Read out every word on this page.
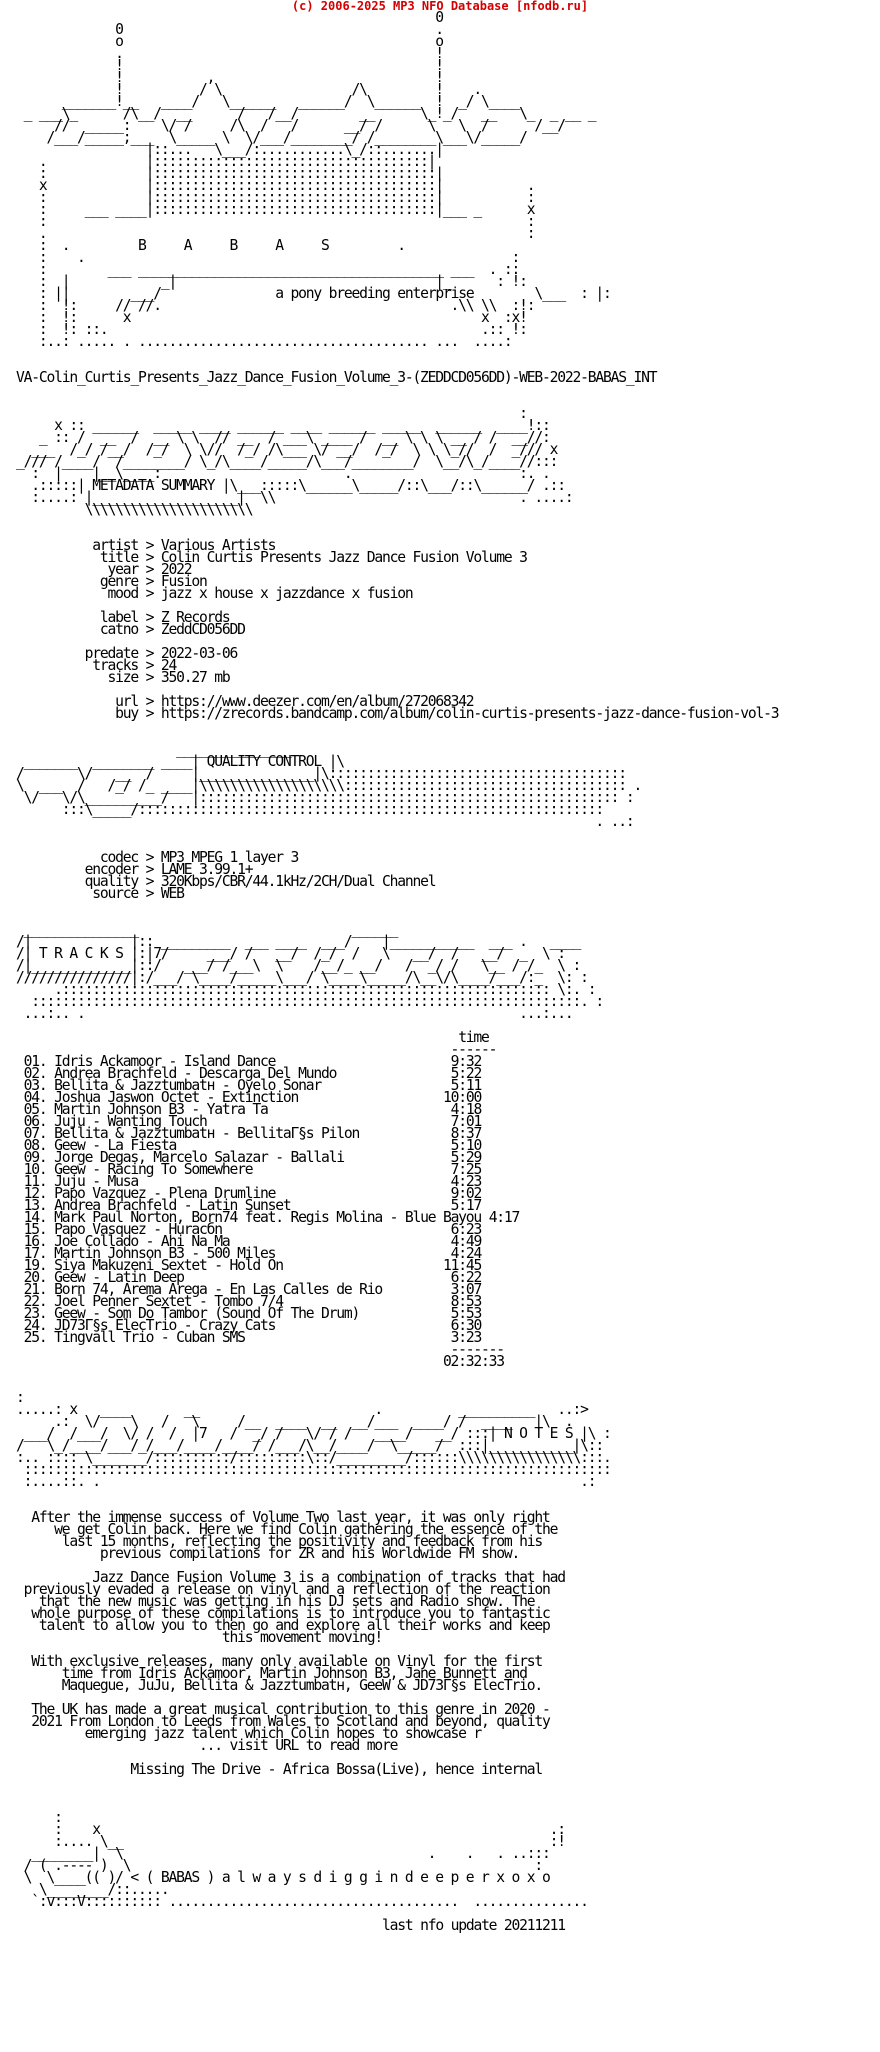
(c) 2006-2025 MP3 NFO Database [nfodb.ru]
0
0                                         .
o                                         o
.                                         !
!                                         !
!           ,                             !
!          / \                 /\         !    .
_______!__   ____/   \______   ______/  \______  !  _/ \____
_ ___\_      /\__/  __      /   /__/        __      \_!_/   __   \_  _ __ _
//  _____:    \/ /     /\  /   /      __/ /      \   \  /      /__/
/___/_____;___  \_____ \  \/___/________/ /________\___\/_____/
|::...   \___/:...........\_/::.......|
.             |::::::::::::::::::::::::::::::::::::|
:             |:::::::::::::::::::::::::::::::::::::|
x             |:::::::::::::::::::::::::::::::::::::|           .
:             |:::::::::::::::::::::::::::::::::::::|           :
:     ___ ____|:::::::::::::::::::::::::::::::::::::|___ _      x
:                                                               :
.                                                               :
:  .	B     A     B     A     S	.
:    .                                                        :
:        ___ ________________________________________ ___  . ::
:  |            _|                                  |_      : !:
: ||        ___/	a pony breeding enterprise	\___  : |:
:  !:     // //.                                      .\\ \\  :!:
:  !:      x                                              x  :x!
:  !: ::.                                                 .:: !:
:..: ..... . ...................................... ...  ....:

VA-Colin_Curtis_Presents_Jazz_Dance_Fusion_Volume_3-(ZEDDCD056DD)-WEB-2022-BABAS_INT

:
x :: ______  _____ ____ ______ ____ ______ _____  ______  ____!::
_ :: /  __  /  __ \ \  // __  / ___\ ____ /  __ \ \ \ __ / /  __//:
___  /_/ /__/  /_/  \ \//  /_/ /\___ \/ __/  /_/  \ \ \_//  /  _/// x
_/// /____/  /________/ \_/\____/_____/\___/________/  \__/\_/____//:::
:  |    |__\____:                        .                      :. .
.:::::| METADATA SUMMARY |\___:::::\______\_____/::\___/::\______/ .::
:....: |___________________|  \\                                . ....:
\\\\\\\\\\\\\\\\\\\\\\

artist > Various Artists
title > Colin Curtis Presents Jazz Dance Fusion Volume 3
year > 2022
genre > Fusion
mood > jazz x house x jazzdance x fusion

label > Z Records
catno > ZeddCD056DD

predate > 2022-03-06
tracks > 24
size > 350.27 mb

url > https://www.deezer.com/en/album/272068342
buy > https://zrecords.bandcamp.com/album/colin-curtis-presents-jazz-dance-fusion-vol-3

_______________
_______  ________ ____| QUALITY CONTROL |\
/       \/   __  /     |_______________|\:::::::::::::::::::::::::::::::::::::::
\  ___  /   /_/ /_ ____|\\\\\\\\\\\\\\\\\\\::::::::::::::::::::::::::::::::::::: .
\/   \/\__________/   |::::::::::::::::::::::::::::::::::::::::::::::::::::::: :
:::\_____/:::::::::::::::::::::::::::::::::::::::::::::::::::::::::::::
. ..:

codec > MP3 MPEG 1 layer 3
encoder > LAME 3.99.1+
quality > 320Kbps/CBR/44.1kHz/2CH/Dual Channel
source > WEB

_______________                            ______
/|             |:: _________  ___ ____  ___/    |___________  ___ .   ____
/| T R A C K S |:|7/     ___/ /   __/  /_/  /   \   __/  /   __/  _  \ :
/|_____________|::/   ___/ /___\  \    /__/_ __/   /  _/ /   \__ / /_  \ :
///////////////|:/___/ \____/_____\___/ \____\_____/\__\/\____/___/:_  \: :
.:::::::::::::::::::::::::::::::::::::::::::::::::::::::::::::::: \:. :
::::::::::::::::::::::::::::::::::::::::::::::::::::::::::::::::::::::::. :
...:.. .                                                         ...:...

time
------
01. Idris Ackamoor - Island Dance	9:32
02. Andrea Brachfeld - Descarga Del Mundo	5:22
03. Bellita & Jazztumbatн - Oyelo Sonar	5:11
04. Joshua Jaswon Octet - Extinction	10:00
05. Martin Johnson B3 - Yatra Ta	4:18
06. Juju - Wanting Touch	7:01
07. Bellita & Jazztumbatн - BellitaГ§s Pilon	8:37
08. Geew - La Fiesta	5:10
09. Jorge Degas, Marcelo Salazar - Ballali	5:29
10. Geew - Racing To Somewhere	7:25
11. Juju - Musa	4:23
12. Papo Vazquez - Plena Drumline	9:02
13. Andrea Brachfeld - Latin Sunset	5:17
14. Mark Paul Norton, Born74 feat. Regis Molina - Blue Bayou 4:17
15. Papo Vasquez - Huracбn	6:23
16. Joe Collado - Ahi Na Ma	4:49
17. Martin Johnson B3 - 500 Miles	4:24
19. Siya Makuzeni Sextet - Hold On	11:45
20. Geew - Latin Deep	6:22
21. Born 74, Arema Arega - En Las Calles de Rio	3:07
22. Joel Penner Sextet - Tombo 7/4	8:53
23. Geew - Som Do Tambor (Sound Of The Drum)	5:53
24. JD73Г§s ElecTrio - Crazy Cats	6:30
25. Tingvall Trio - Cuban SMS	3:23
-------
02:32:33

:
.....: x   ____       __                       .          __________   ..:>
.:  \/    \   /   \     /__  ____  __  __/___  ____/ /  ____   |\  .
___/  /___/  \/ /  /  |7   /  _/ /   \/ / /   ____/   __/ :::| N O T E S |\ :
/   \_/____/___/_/___/____/____/ /___/\__/____/  \_____/  :::|___________|\::
:.. :::: \_______/::::::::::/:::::::::\::/_________/::::::\\\\\\\\\\\\\\\\:::.
:::::::::::::::::::::::::::::::::::::::::::::::::::::::::::::::::::::::::::::
:....::. .                                                               .:

After the immense success of Volume Two last year, it was only right
we get Colin back. Here we find Colin gathering the essence of the
last 15 months, reflecting the positivity and feedback from his
previous compilations for ZR and his Worldwide FM show.

Jazz Dance Fusion Volume 3 is a combination of tracks that had
previously evaded a release on vinyl and a reflection of the reaction
that the new music was getting in his DJ sets and Radio show. The
whole purpose of these compilations is to introduce you to fantastic
talent to allow you to then go and explore all their works and keep
this movement moving!

With exclusive releases, many only available on Vinyl for the first
time from Idris Ackamoor, Martin Johnson B3, Jane Bunnett and
Maquegue, JuJu, Bellita & Jazztumbatн, GeeW & JD73Г§s ElecTrio.

The UK has made a great musical contribution to this genre in 2020 -
2021 From London to Leeds from Wales to Scotland and beyond, quality
emerging jazz talent which Colin hopes to showcase r
... visit URL to read more

Missing The Drive - Africa Bossa(Live), hence internal

:
:    x                                                           .:
:.... \__                                                        :!
________|  \                                        .    .   . ..:::
/ ( .---- )  \                                                     :
\  \____(( )/ < ( BABAS ) a l w a y s d i g g i n d e e p e r x o x o
\________/::.....
`:v:::V:::::::::: ......................................  ...............

last nfo update 20211211
